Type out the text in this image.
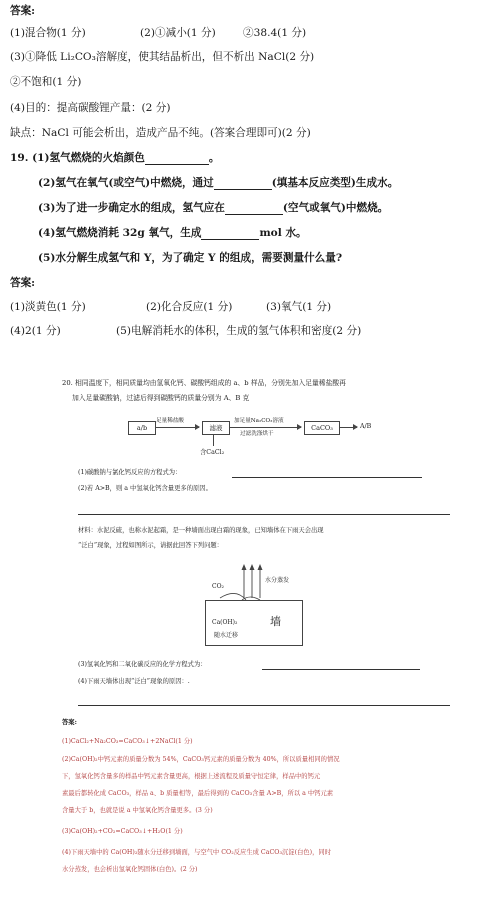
答案:
(1)混合物(1 分)	(2)①减小(1 分)	②38.4(1 分)
(3)①降低 Li₂CO₃溶解度，使其结晶析出，但不析出 NaCl(2 分)
②不饱和(1 分)
(4)目的：提高碳酸锂产量：(2 分)
缺点：NaCl 可能会析出，造成产品不纯。(答案合理即可)(2 分)
19. (1)氢气燃烧的火焰颜色	。
(2)氢气在氧气(或空气)中燃烧，通过	(填基本反应类型)生成水。
(3)为了进一步确定水的组成，氢气应在	(空气或氧气)中燃烧。
(4)氢气燃烧消耗 32g 氧气，生成	mol 水。
(5)水分解生成氢气和 Y，为了确定 Y 的组成，需要测量什么量?
答案:
(1)淡黄色(1 分)	(2)化合反应(1 分)	(3)氧气(1 分)
(4)2(1 分)	(5)电解消耗水的体积，生成的氢气体积和密度(2 分)
20. 相同温度下，相同质量均由氢氧化钙、碳酸钙组成的 a、b 样品，分别先加入足量稀盐酸再
加入足量碳酸钠，过滤后得到碳酸钙的质量分别为 A、B 克
a/b
足量稀盐酸
滤液
加足量Na₂CO₃溶液
过滤洗涤烘干
CaCO₃	A/B
含CaCl₂
(1)碳酸钠与氯化钙反应的方程式为：
(2)若 A>B，则 a 中氢氧化钙含量更多的原因。
材料：水泥反硫，也称水泥起霜，是一种墙面出现白霜的现象，已知墙体在下雨天会出现
“泛白”现象，过程如图所示，请据此回答下列问题：
CO₂
水分蒸发
Ca(OH)₂
随水迁移
墙
(3)氢氧化钙和二氧化碳反应的化学方程式为：
(4)下雨天墙体出现“泛白”现象的原因：.
答案:
(1)CaCl₂+Na₂CO₃=CaCO₃↓+2NaCl(1 分)
(2)Ca(OH)₂中钙元素的质量分数为 54%，CaCO₃钙元素的质量分数为 40%，所以质量相同的情况
下，氢氧化钙含量多的样品中钙元素含量更高，根据上述流程及质量守恒定律，样品中的钙元
素最后都转化成 CaCO₃，样品 a、b 质量相等，最后得到的 CaCO₃含量 A>B，所以 a 中钙元素
含量大于 b，也就是说 a 中氢氧化钙含量更多。(3 分)
(3)Ca(OH)₂+CO₂=CaCO₃↓+H₂O(1 分)
(4)下雨天墙中的 Ca(OH)₂随水分迁移到墙面，与空气中 CO₂反应生成 CaCO₃沉淀(白色)，同时
水分蒸发，也会析出氢氧化钙固体(白色)。(2 分)
